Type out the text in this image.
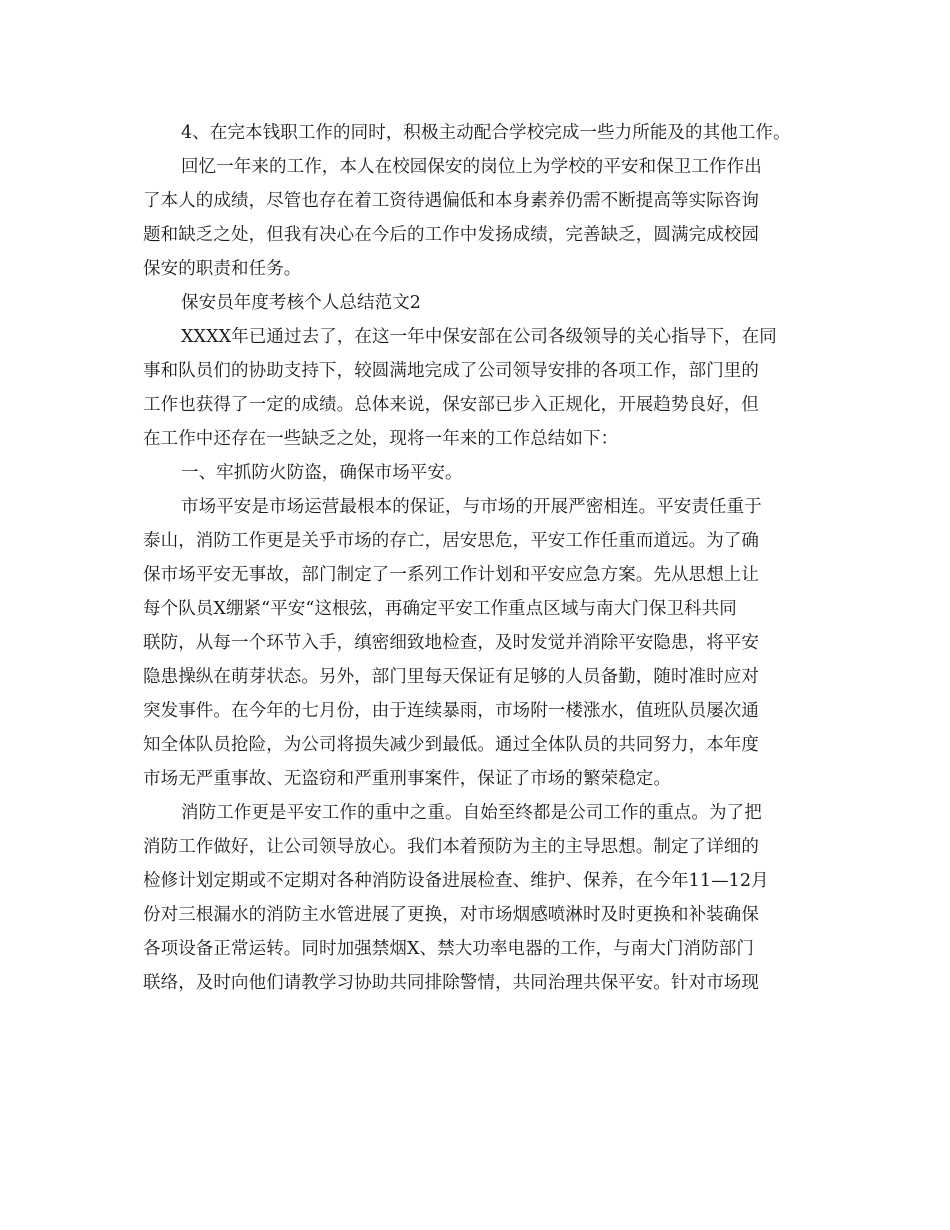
4、在完本钱职工作的同时，积极主动配合学校完成一些力所能及的其他工作。
回忆一年来的工作，本人在校园保安的岗位上为学校的平安和保卫工作作出
了本人的成绩，尽管也存在着工资待遇偏低和本身素养仍需不断提高等实际咨询
题和缺乏之处，但我有决心在今后的工作中发扬成绩，完善缺乏，圆满完成校园
保安的职责和任务。
保安员年度考核个人总结范文2
XXXX年已通过去了，在这一年中保安部在公司各级领导的关心指导下，在同
事和队员们的协助支持下，较圆满地完成了公司领导安排的各项工作，部门里的
工作也获得了一定的成绩。总体来说，保安部已步入正规化，开展趋势良好，但
在工作中还存在一些缺乏之处，现将一年来的工作总结如下：
一、牢抓防火防盗，确保市场平安。
市场平安是市场运营最根本的保证，与市场的开展严密相连。平安责任重于
泰山，消防工作更是关乎市场的存亡，居安思危，平安工作任重而道远。为了确
保市场平安无事故，部门制定了一系列工作计划和平安应急方案。先从思想上让
每个队员X绷紧“平安“这根弦，再确定平安工作重点区域与南大门保卫科共同
联防，从每一个环节入手，缜密细致地检查，及时发觉并消除平安隐患，将平安
隐患操纵在萌芽状态。另外，部门里每天保证有足够的人员备勤，随时准时应对
突发事件。在今年的七月份，由于连续暴雨，市场附一楼涨水，值班队员屡次通
知全体队员抢险，为公司将损失减少到最低。通过全体队员的共同努力，本年度
市场无严重事故、无盗窃和严重刑事案件，保证了市场的繁荣稳定。
消防工作更是平安工作的重中之重。自始至终都是公司工作的重点。为了把
消防工作做好，让公司领导放心。我们本着预防为主的主导思想。制定了详细的
检修计划定期或不定期对各种消防设备进展检查、维护、保养，在今年11—12月
份对三根漏水的消防主水管进展了更换，对市场烟感喷淋时及时更换和补装确保
各项设备正常运转。同时加强禁烟X、禁大功率电器的工作，与南大门消防部门
联络，及时向他们请教学习协助共同排除警情，共同治理共保平安。针对市场现
